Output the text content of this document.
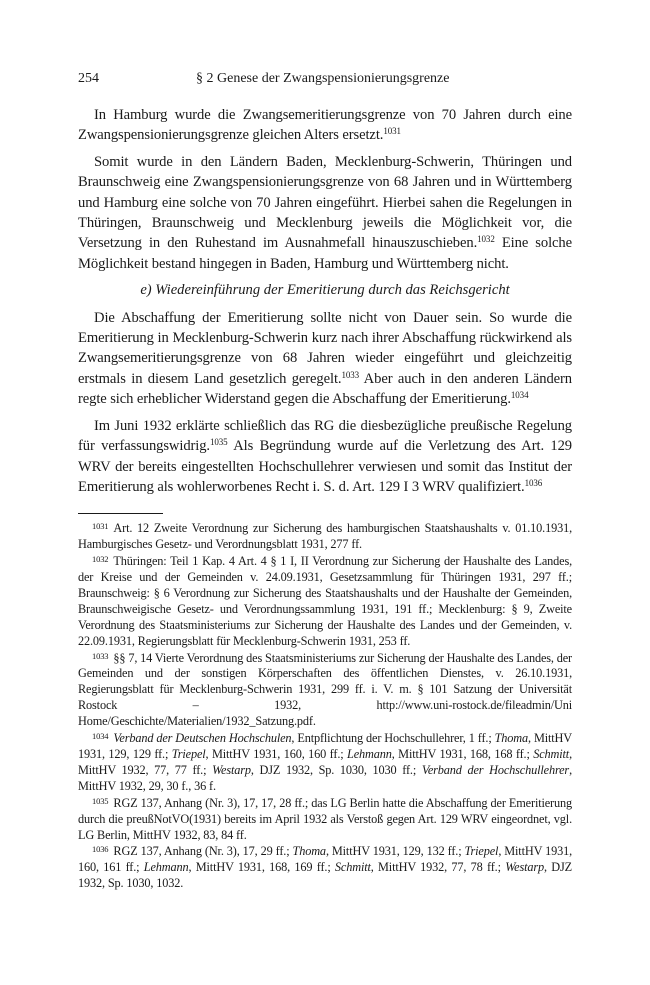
254	§ 2 Genese der Zwangspensionierungsgrenze

In Hamburg wurde die Zwangsemeritierungsgrenze von 70 Jahren durch eine Zwangspensionierungsgrenze gleichen Alters ersetzt.$^{1031}$

Somit wurde in den Ländern Baden, Mecklenburg-Schwerin, Thüringen und Braunschweig eine Zwangspensionierungsgrenze von 68 Jahren und in Württemberg und Hamburg eine solche von 70 Jahren eingeführt. Hierbei sahen die Regelungen in Thüringen, Braunschweig und Mecklenburg jeweils die Möglichkeit vor, die Versetzung in den Ruhestand im Ausnahmefall hinauszuschieben.$^{1032}$ Eine solche Möglichkeit bestand hingegen in Baden, Hamburg und Württemberg nicht.

e) Wiedereinführung der Emeritierung durch das Reichsgericht

Die Abschaffung der Emeritierung sollte nicht von Dauer sein. So wurde die Emeritierung in Mecklenburg-Schwerin kurz nach ihrer Abschaffung rückwirkend als Zwangsemeritierungsgrenze von 68 Jahren wieder eingeführt und gleichzeitig erstmals in diesem Land gesetzlich geregelt.$^{1033}$ Aber auch in den anderen Ländern regte sich erheblicher Widerstand gegen die Abschaffung der Emeritierung.$^{1034}$

Im Juni 1932 erklärte schließlich das RG die diesbezügliche preußische Regelung für verfassungswidrig.$^{1035}$ Als Begründung wurde auf die Verletzung des Art. 129 WRV der bereits eingestellten Hochschullehrer verwiesen und somit das Institut der Emeritierung als wohlerworbenes Recht i. S. d. Art. 129 I 3 WRV qualifiziert.$^{1036}$

$^{1031}$ Art. 12 Zweite Verordnung zur Sicherung des hamburgischen Staatshaushalts v. 01.10.1931, Hamburgisches Gesetz- und Verordnungsblatt 1931, 277 ff.

$^{1032}$ Thüringen: Teil 1 Kap. 4 Art. 4 § 1 I, II Verordnung zur Sicherung der Haushalte des Landes, der Kreise und der Gemeinden v. 24.09.1931, Gesetzsammlung für Thüringen 1931, 297 ff.; Braunschweig: § 6 Verordnung zur Sicherung des Staatshaushalts und der Haushalte der Gemeinden, Braunschweigische Gesetz- und Verordnungssammlung 1931, 191 ff.; Mecklenburg: § 9, Zweite Verordnung des Staatsministeriums zur Sicherung der Haushalte des Landes und der Gemeinden, v. 22.09.1931, Regierungsblatt für Mecklenburg-Schwerin 1931, 253 ff.

$^{1033}$ §§ 7, 14 Vierte Verordnung des Staatsministeriums zur Sicherung der Haushalte des Landes, der Gemeinden und der sonstigen Körperschaften des öffentlichen Dienstes, v. 26.10.1931, Regierungsblatt für Mecklenburg-Schwerin 1931, 299 ff. i. V. m. § 101 Satzung der Universität Rostock – 1932, http://www.uni-rostock.de/fileadmin/Uni Home/Geschichte/Materialien/1932_Satzung.pdf.

$^{1034}$ Verband der Deutschen Hochschulen, Entpflichtung der Hochschullehrer, 1 ff.; Thoma, MittHV 1931, 129, 129 ff.; Triepel, MittHV 1931, 160, 160 ff.; Lehmann, MittHV 1931, 168, 168 ff.; Schmitt, MittHV 1932, 77, 77 ff.; Westarp, DJZ 1932, Sp. 1030, 1030 ff.; Verband der Hochschullehrer, MittHV 1932, 29, 30 f., 36 f.

$^{1035}$ RGZ 137, Anhang (Nr. 3), 17, 17, 28 ff.; das LG Berlin hatte die Abschaffung der Emeritierung durch die preußNotVO(1931) bereits im April 1932 als Verstoß gegen Art. 129 WRV eingeordnet, vgl. LG Berlin, MittHV 1932, 83, 84 ff.

$^{1036}$ RGZ 137, Anhang (Nr. 3), 17, 29 ff.; Thoma, MittHV 1931, 129, 132 ff.; Triepel, MittHV 1931, 160, 161 ff.; Lehmann, MittHV 1931, 168, 169 ff.; Schmitt, MittHV 1932, 77, 78 ff.; Westarp, DJZ 1932, Sp. 1030, 1032.
